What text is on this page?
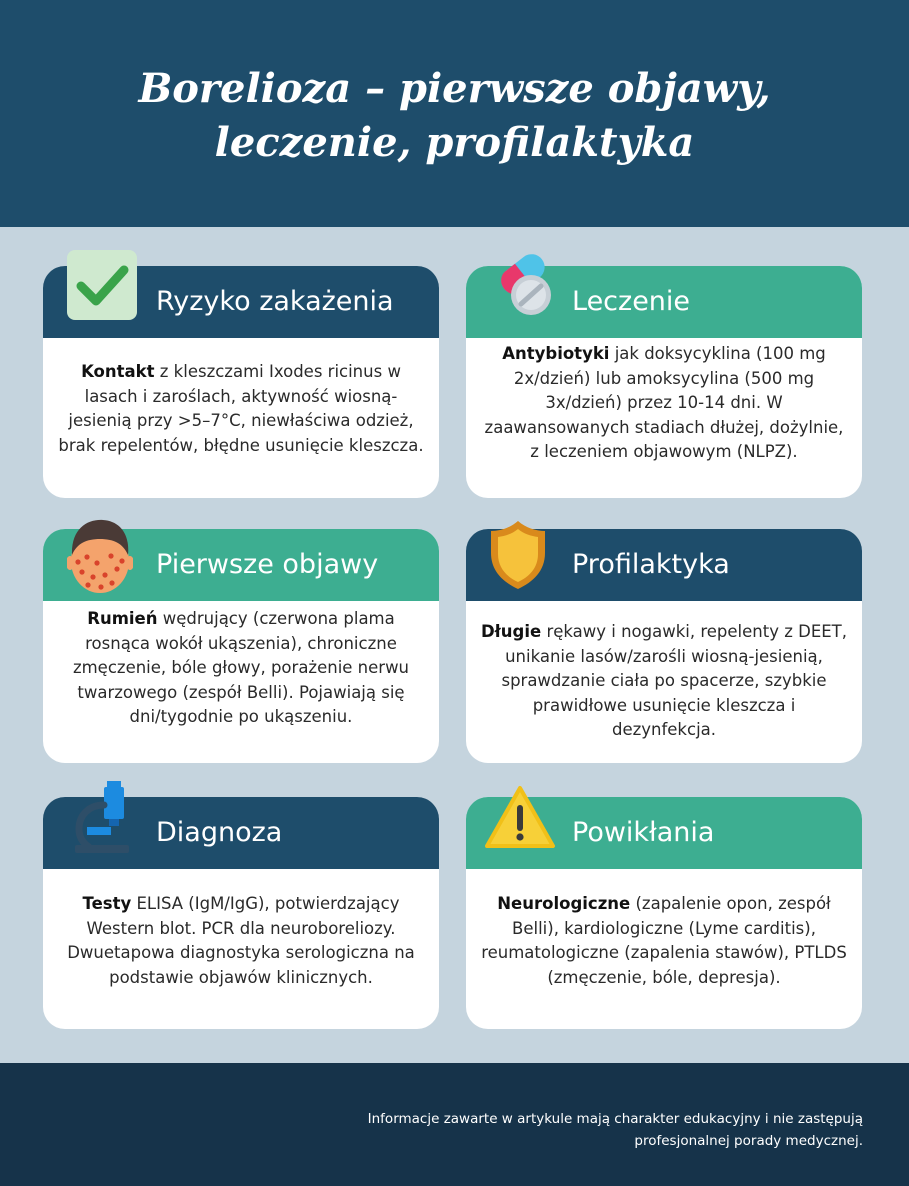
Borelioza – pierwsze objawy,
leczenie, profilaktyka
Ryzyko zakażenia

Kontakt z kleszczami Ixodes ricinus w lasach i zaroślach, aktywność wiosną-jesienią przy >5–7°C, niewłaściwa odzież, brak repelentów, błędne usunięcie kleszcza.

Leczenie

Antybiotyki jak doksycyklina (100 mg 2x/dzień) lub amoksycylina (500 mg 3x/dzień) przez 10-14 dni. W zaawansowanych stadiach dłużej, dożylnie, z leczeniem objawowym (NLPZ).

Pierwsze objawy

Rumień wędrujący (czerwona plama rosnąca wokół ukąszenia), chroniczne zmęczenie, bóle głowy, porażenie nerwu twarzowego (zespół Belli). Pojawiają się dni/tygodnie po ukąszeniu.

Profilaktyka

Długie rękawy i nogawki, repelenty z DEET, unikanie lasów/zarośli wiosną-jesienią, sprawdzanie ciała po spacerze, szybkie prawidłowe usunięcie kleszcza i dezynfekcja.

Diagnoza

Testy ELISA (IgM/IgG), potwierdzający Western blot. PCR dla neuroboreliozy. Dwuetapowa diagnostyka serologiczna na podstawie objawów klinicznych.

Powikłania

Neurologiczne (zapalenie opon, zespół Belli), kardiologiczne (Lyme carditis), reumatologiczne (zapalenia stawów), PTLDS (zmęczenie, bóle, depresja).

Informacje zawarte w artykule mają charakter edukacyjny i nie zastępują
profesjonalnej porady medycznej.
